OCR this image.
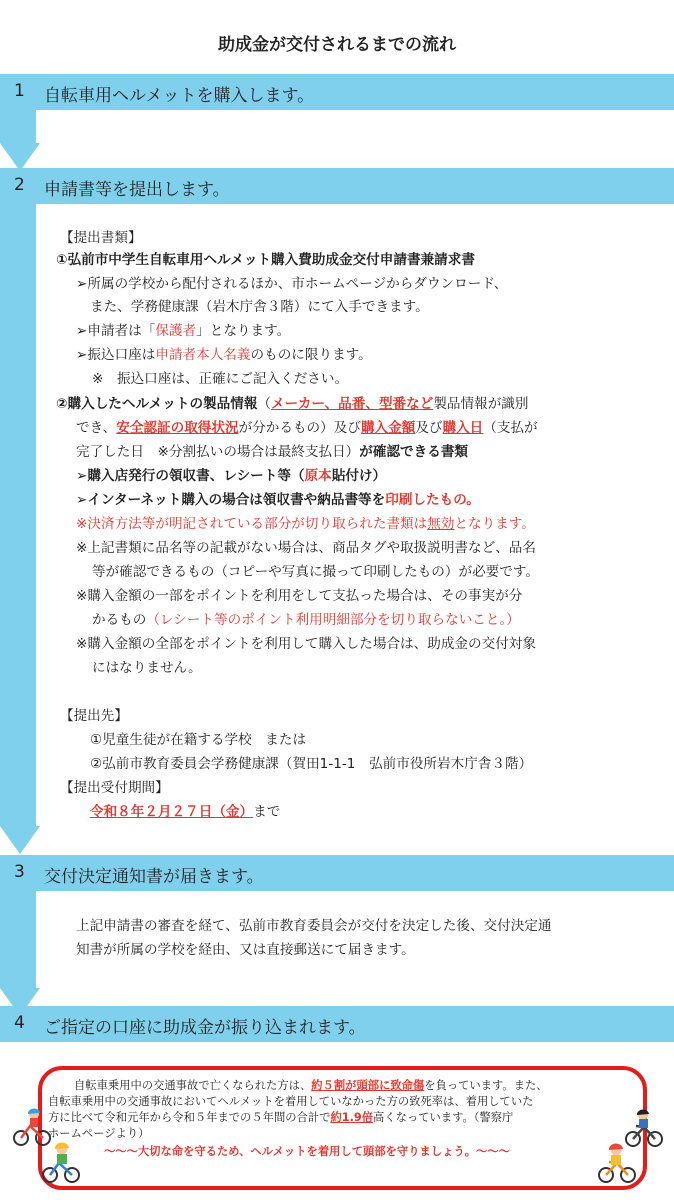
助成金が交付されるまでの流れ
1 自転車用ヘルメットを購入します。
2 申請書等を提出します。
【提出書類】
①弘前市中学生自転車用ヘルメット購入費助成金交付申請書兼請求書
➢所属の学校から配付されるほか、市ホームページからダウンロード、
また、学務健康課（岩木庁舎３階）にて入手できます。
➢申請者は「保護者」となります。
➢振込口座は申請者本人名義のものに限ります。
※　振込口座は、正確にご記入ください。
②購入したヘルメットの製品情報（メーカー、品番、型番など製品情報が識別
でき、安全認証の取得状況が分かるもの）及び購入金額及び購入日（支払が
完了した日　※分割払いの場合は最終支払日）が確認できる書類
➢購入店発行の領収書、レシート等（原本貼付け）
➢インターネット購入の場合は領収書や納品書等を印刷したもの。
※決済方法等が明記されている部分が切り取られた書類は無効となります。
※上記書類に品名等の記載がない場合は、商品タグや取扱説明書など、品名
等が確認できるもの（コピーや写真に撮って印刷したもの）が必要です。
※購入金額の一部をポイントを利用をして支払った場合は、その事実が分
かるもの（レシート等のポイント利用明細部分を切り取らないこと。）
※購入金額の全部をポイントを利用して購入した場合は、助成金の交付対象
にはなりません。
【提出先】
①児童生徒が在籍する学校　または
②弘前市教育委員会学務健康課（賀田1-1-1　弘前市役所岩木庁舎３階）
【提出受付期間】
令和８年２月２７日（金）まで
3 交付決定通知書が届きます。
上記申請書の審査を経て、弘前市教育委員会が交付を決定した後、交付決定通
知書が所属の学校を経由、又は直接郵送にて届きます。
4 ご指定の口座に助成金が振り込まれます。
自転車乗用中の交通事故で亡くなられた方は、約５割が頭部に致命傷を負っています。また、
自転車乗用中の交通事故においてヘルメットを着用していなかった方の致死率は、着用していた
方に比べて令和元年から令和５年までの５年間の合計で約1.9倍高くなっています。（警察庁
ホームページより）
～～～大切な命を守るため、ヘルメットを着用して頭部を守りましょう。～～～
